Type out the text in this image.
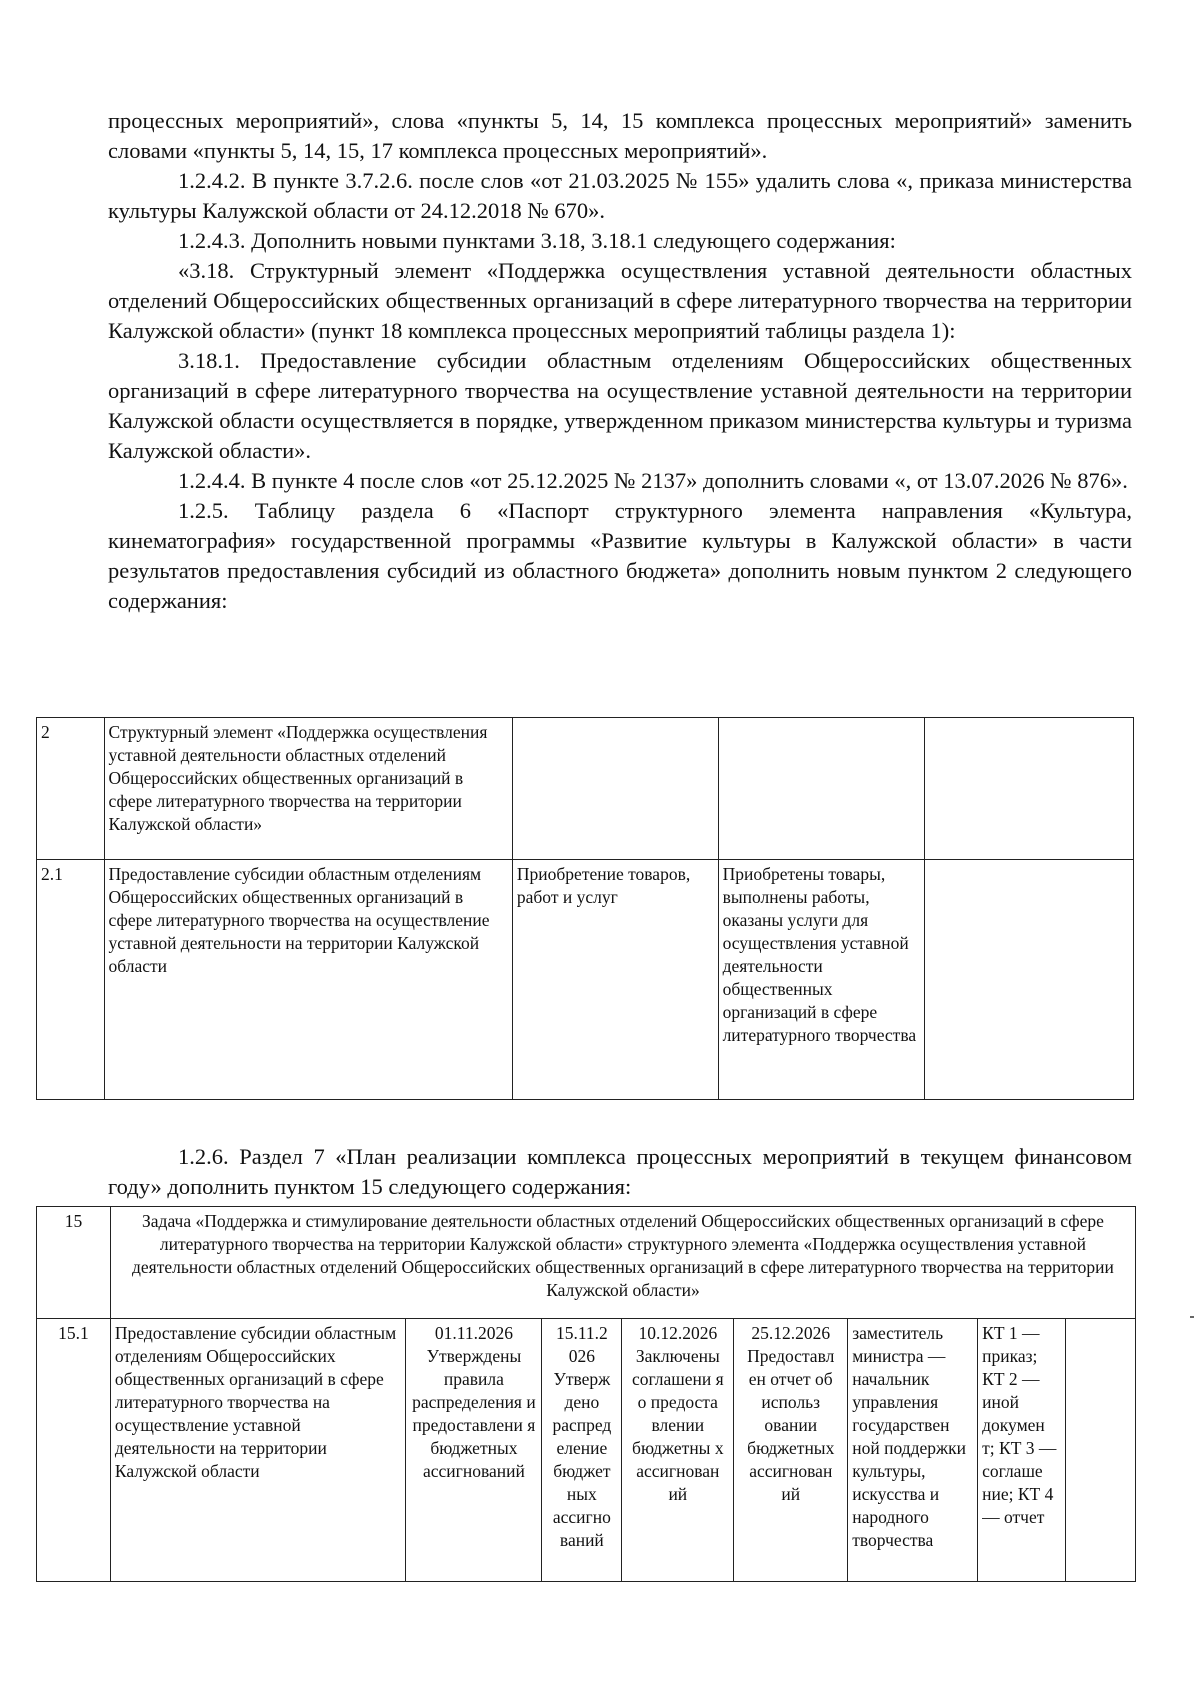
процессных мероприятий», слова «пункты 5, 14, 15 комплекса процессных мероприятий» заменить словами «пункты 5, 14, 15, 17 комплекса процессных мероприятий».

1.2.4.2. В пункте 3.7.2.6. после слов «от 21.03.2025 № 155» удалить слова «, приказа министерства культуры Калужской области от 24.12.2018 № 670».

1.2.4.3. Дополнить новыми пунктами 3.18, 3.18.1 следующего содержания:

«3.18. Структурный элемент «Поддержка осуществления уставной деятельности областных отделений Общероссийских общественных организаций в сфере литературного творчества на территории Калужской области» (пункт 18 комплекса процессных мероприятий таблицы раздела 1):

3.18.1. Предоставление субсидии областным отделениям Общероссийских общественных организаций в сфере литературного творчества на осуществление уставной деятельности на территории Калужской области осуществляется в порядке, утвержденном приказом министерства культуры и туризма Калужской области».

1.2.4.4. В пункте 4 после слов «от 25.12.2025 № 2137» дополнить словами «, от 13.07.2026 № 876».

1.2.5. Таблицу раздела 6 «Паспорт структурного элемента направления «Культура, кинематография» государственной программы «Развитие культуры в Калужской области» в части результатов предоставления субсидий из областного бюджета» дополнить новым пунктом 2 следующего содержания:

2	Структурный элемент «Поддержка осуществления уставной деятельности областных отделений Общероссийских общественных организаций в сфере литературного творчества на территории Калужской области»			
2.1	Предоставление субсидии областным отделениям Общероссийских общественных организаций в сфере литературного творчества на осуществление уставной деятельности на территории Калужской области	Приобретение товаров, работ и услуг	Приобретены товары, выполнены работы, оказаны услуги для осуществления уставной деятельности общественных организаций в сфере литературного творчества	

1.2.6. Раздел 7 «План реализации комплекса процессных мероприятий в текущем финансовом году» дополнить пунктом 15 следующего содержания:

15	Задача «Поддержка и стимулирование деятельности областных отделений Общероссийских общественных организаций в сфере литературного творчества на территории Калужской области» структурного элемента «Поддержка осуществления уставной деятельности областных отделений Общероссийских общественных организаций в сфере литературного творчества на территории Калужской области»							
15.1	Предоставление субсидии областным отделениям Общероссийских общественных организаций в сфере литературного творчества на осуществление уставной деятельности на территории Калужской области	01.11.2026 Утверждены правила распределения и предоставлени я бюджетных ассигнований	15.11.2 026 Утверж дено распред еление бюджет ных ассигно ваний	10.12.2026 Заключены соглашени я о предоста влении бюджетны х ассигнован ий	25.12.2026 Предоставл ен отчет об использ овании бюджетных ассигнован ий	заместитель министра — начальник управления государствен ной поддержки культуры, искусства и народного творчества	КТ 1 — приказ; КТ 2 — иной докумен т; КТ 3 — соглаше ние; КТ 4 — отчет	
